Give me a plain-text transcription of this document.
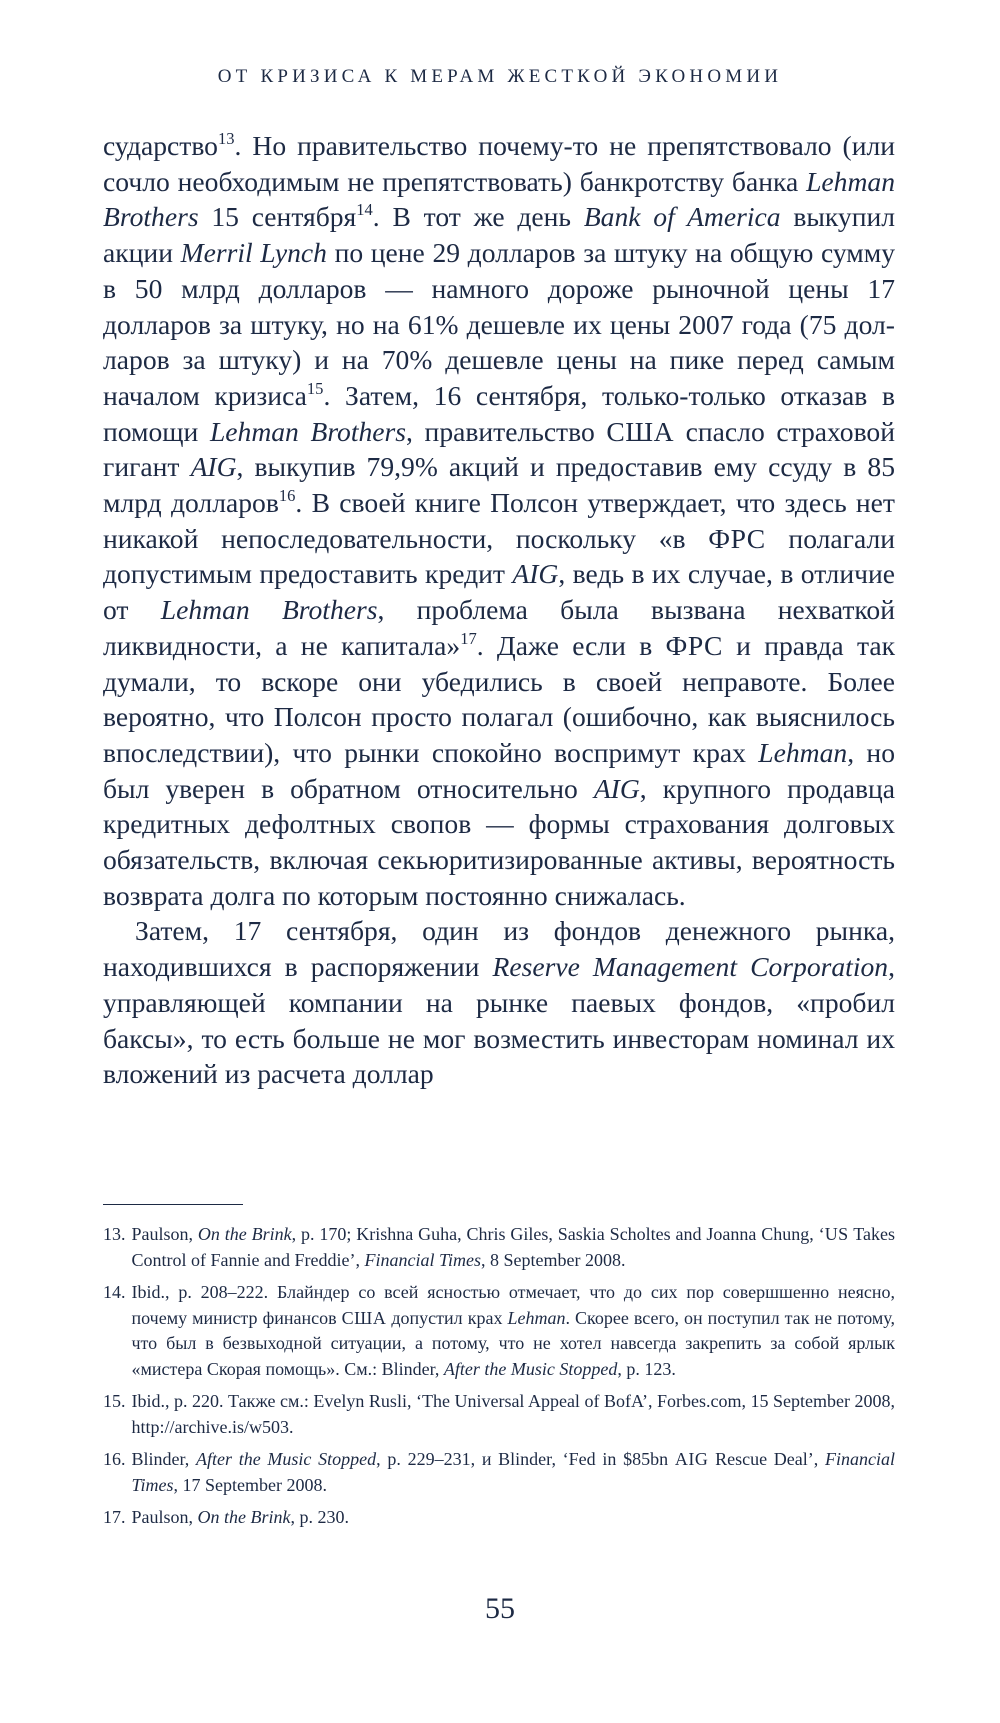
ОТ КРИЗИСА К МЕРАМ ЖЕСТКОЙ ЭКОНОМИИ

сударство$^{13}$. Но правительство почему-то не препятствовало (или сочло необходимым не препятствовать) банкротству банка Lehman Brothers 15 сентября$^{14}$. В тот же день Bank of America выкупил акции Merril Lynch по цене 29 долларов за штуку на общую сумму в 50 млрд долларов — намного дороже рыночной цены 17 долларов за штуку, но на 61% дешевле их цены 2007 года (75 долларов за штуку) и на 70% дешевле цены на пике перед самым началом кризиса$^{15}$. Затем, 16 сентября, только-только отказав в помощи Lehman Brothers, правительство США спасло страховой гигант AIG, выкупив 79,9% акций и предоставив ему ссуду в 85 млрд долларов$^{16}$. В своей книге Полсон утверждает, что здесь нет никакой непоследовательности, поскольку «в ФРС полагали допустимым предоставить кредит AIG, ведь в их случае, в отличие от Lehman Brothers, проблема была вызвана нехваткой ликвидности, а не капитала»$^{17}$. Даже если в ФРС и правда так думали, то вскоре они убедились в своей неправоте. Более вероятно, что Полсон просто полагал (ошибочно, как выяснилось впоследствии), что рынки спокойно воспримут крах Lehman, но был уверен в обратном относительно AIG, крупного продавца кредитных дефолтных свопов — формы страхования долговых обязательств, включая секьюритизированные активы, вероятность возврата долга по которым постоянно снижалась.

Затем, 17 сентября, один из фондов денежного рынка, находившихся в распоряжении Reserve Management Corporation, управляющей компании на рынке паевых фондов, «пробил баксы», то есть больше не мог возместить инвесторам номинал их вложений из расчета доллар

13. Paulson, On the Brink, p. 170; Krishna Guha, Chris Giles, Saskia Scholtes and Joanna Chung, ‘US Takes Control of Fannie and Freddie’, Financial Times, 8 September 2008.
14. Ibid., p. 208–222. Блайндер со всей ясностью отмечает, что до сих пор совершшенно неясно, почему министр финансов США допустил крах Lehman. Скорее всего, он поступил так не потому, что был в безвыходной ситуации, а потому, что не хотел навсегда закрепить за собой ярлык «мистера Скорая помощь». См.: Blinder, After the Music Stopped, p. 123.
15. Ibid., p. 220. Также см.: Evelyn Rusli, ‘The Universal Appeal of BofA’, Forbes.com, 15 September 2008, http://archive.is/w503.
16. Blinder, After the Music Stopped, p. 229–231, и Blinder, ‘Fed in $85bn AIG Rescue Deal’, Financial Times, 17 September 2008.
17. Paulson, On the Brink, p. 230.
55
